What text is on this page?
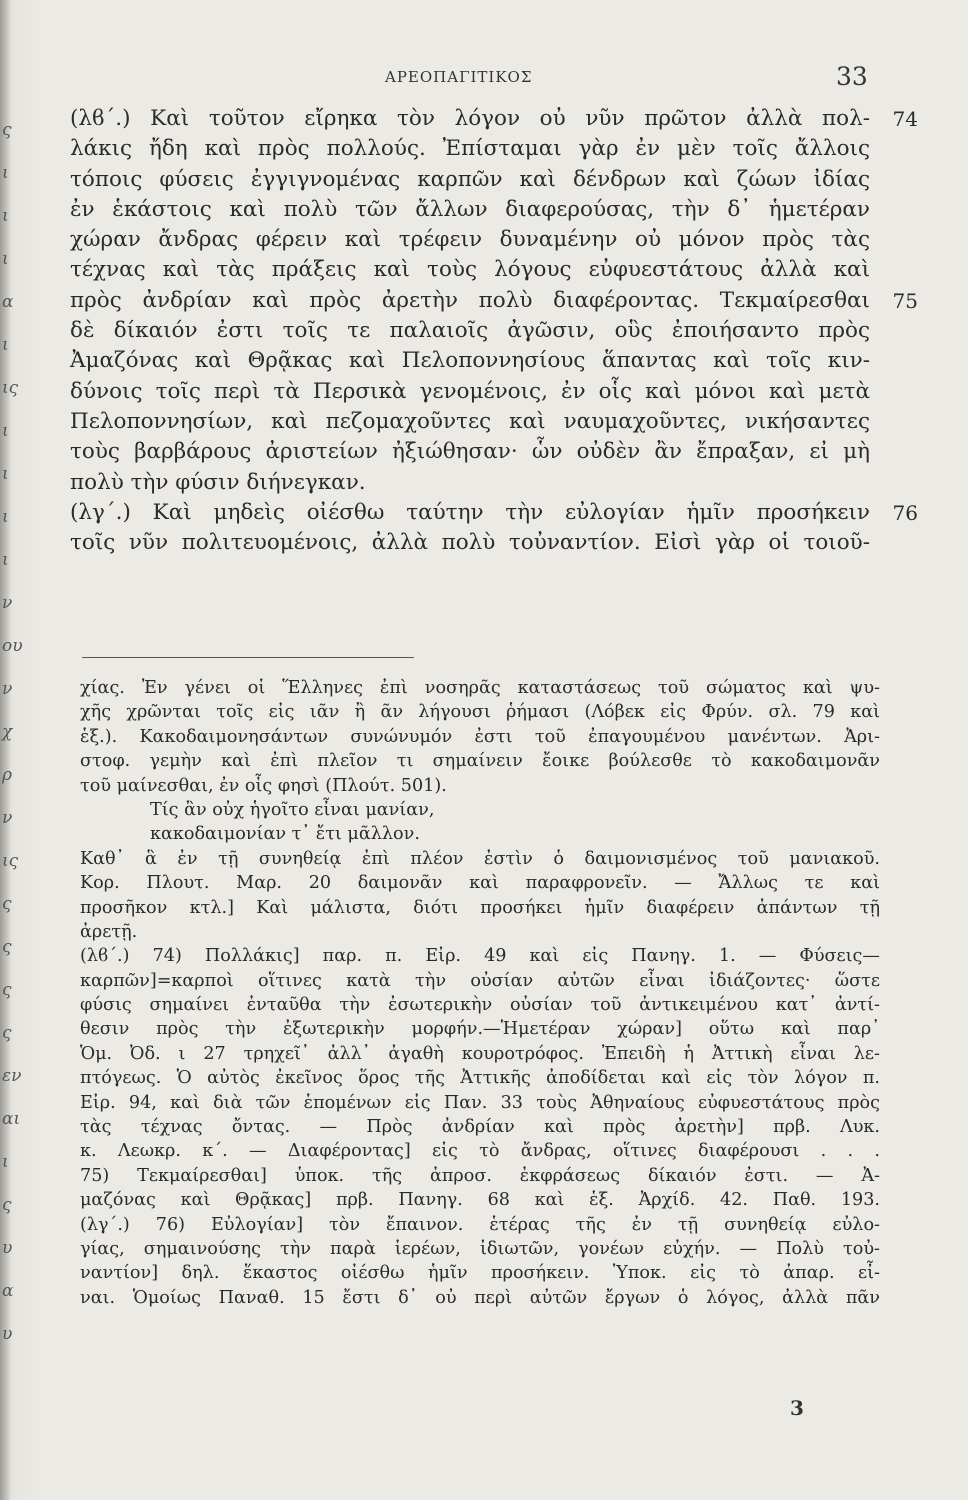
ς
ι
ι
ι
α
ι
ις
ι
ι
ι
ι
ν
ου
ν
χ
ρ
ν
ις
ς
ς
ς
ς
εν
αι
ι
ς
υ
α
υ
ΑΡΕΟΠΑΓΙΤΙΚΟΣ	33
(λϐ΄.) Καὶ τοῦτον εἴρηκα τὸν λόγον οὐ νῦν πρῶτον ἀλλὰ πολ- 74
λάκις ἤδη καὶ πρὸς πολλούς. Ἐπίσταμαι γὰρ ἐν μὲν τοῖς ἄλλοις
τόποις φύσεις ἐγγιγνομένας καρπῶν καὶ δένδρων καὶ ζώων ἰδίας
ἐν ἑκάστοις καὶ πολὺ τῶν ἄλλων διαφερούσας, τὴν δ᾽ ἡμετέραν
χώραν ἄνδρας φέρειν καὶ τρέφειν δυναμένην οὐ μόνον πρὸς τὰς
τέχνας καὶ τὰς πράξεις καὶ τοὺς λόγους εὐφυεστάτους ἀλλὰ καὶ
πρὸς ἀνδρίαν καὶ πρὸς ἀρετὴν πολὺ διαφέροντας. Τεκμαίρεσθαι 75
δὲ δίκαιόν ἐστι τοῖς τε παλαιοῖς ἀγῶσιν, οὓς ἐποιήσαντο πρὸς
Ἀμαζόνας καὶ Θρᾷκας καὶ Πελοποννησίους ἅπαντας καὶ τοῖς κιν-
δύνοις τοῖς περὶ τὰ Περσικὰ γενομένοις, ἐν οἷς καὶ μόνοι καὶ μετὰ
Πελοποννησίων, καὶ πεζομαχοῦντες καὶ ναυμαχοῦντες, νικήσαντες
τοὺς βαρβάρους ἀριστείων ἠξιώθησαν· ὧν οὐδὲν ἂν ἔπραξαν, εἰ μὴ
πολὺ τὴν φύσιν διήνεγκαν.
(λγ΄.) Καὶ μηδεὶς οἰέσθω ταύτην τὴν εὐλογίαν ἡμῖν προσήκειν 76
τοῖς νῦν πολιτευομένοις, ἀλλὰ πολὺ τοὐναντίον. Εἰσὶ γὰρ οἱ τοιοῦ-
χίας. Ἐν γένει οἱ Ἕλληνες ἐπὶ νοσηρᾶς καταστάσεως τοῦ σώματος καὶ ψυ-
χῆς χρῶνται τοῖς εἰς ιᾶν ἢ ᾶν λήγουσι ῥήμασι (Λόβεκ εἰς Φρύν. σλ. 79 καὶ
ἑξ.). Κακοδαιμονησάντων συνώνυμόν ἐστι τοῦ ἐπαγουμένου μανέντων. Ἀρι-
στοφ. γεμὴν καὶ ἐπὶ πλεῖον τι σημαίνειν ἔοικε βούλεσθε τὸ κακοδαιμονᾶν
τοῦ μαίνεσθαι, ἐν οἷς φησὶ (Πλούτ. 501).
Τίς ἂν οὐχ ἡγοῖτο εἶναι μανίαν,
κακοδαιμονίαν τ᾽ ἔτι μᾶλλον.
Καθ᾽ ἃ ἐν τῇ συνηθείᾳ ἐπὶ πλέον ἐστὶν ὁ δαιμονισμένος τοῦ μανιακοῦ.
Κορ. Πλουτ. Μαρ. 20 δαιμονᾶν καὶ παραφρονεῖν. — Ἄλλως τε καὶ
προσῆκον κτλ.] Καὶ μάλιστα, διότι προσήκει ἡμῖν διαφέρειν ἁπάντων τῇ
ἀρετῇ.
(λϐ΄.) 74) Πολλάκις] παρ. π. Εἰρ. 49 καὶ εἰς Πανηγ. 1. — Φύσεις—
καρπῶν]=καρποὶ οἵτινες κατὰ τὴν οὐσίαν αὐτῶν εἶναι ἰδιάζοντες· ὥστε
φύσις σημαίνει ἐνταῦθα τὴν ἐσωτερικὴν οὐσίαν τοῦ ἀντικειμένου κατ᾽ ἀντί-
θεσιν πρὸς τὴν ἐξωτερικὴν μορφήν.—Ἡμετέραν χώραν] οὕτω καὶ παρ᾽
Ὁμ. Ὀδ. ι 27 τρηχεῖ᾽ ἀλλ᾽ ἀγαθὴ κουροτρόφος. Ἐπειδὴ ἡ Ἀττικὴ εἶναι λε-
πτόγεως. Ὁ αὐτὸς ἐκεῖνος ὅρος τῆς Ἀττικῆς ἀποδίδεται καὶ εἰς τὸν λόγον π.
Εἰρ. 94, καὶ διὰ τῶν ἑπομένων εἰς Παν. 33 τοὺς Ἀθηναίους εὐφυεστάτους πρὸς
τὰς τέχνας ὄντας. — Πρὸς ἀνδρίαν καὶ πρὸς ἀρετὴν] πρβ. Λυκ.
κ. Λεωκρ. κ΄. — Διαφέροντας] εἰς τὸ ἄνδρας, οἵτινες διαφέρουσι . . .
75) Τεκμαίρεσθαι] ὑποκ. τῆς ἀπροσ. ἐκφράσεως δίκαιόν ἐστι. — Ἀ-
μαζόνας καὶ Θρᾷκας] πρβ. Πανηγ. 68 καὶ ἑξ. Ἀρχίδ. 42. Παθ. 193.
(λγ΄.) 76) Εὐλογίαν] τὸν ἔπαινον. ἑτέρας τῆς ἐν τῇ συνηθείᾳ εὐλο-
γίας, σημαινούσης τὴν παρὰ ἱερέων, ἰδιωτῶν, γονέων εὐχήν. — Πολὺ τοὐ-
ναντίον] δηλ. ἕκαστος οἰέσθω ἡμῖν προσήκειν. Ὑποκ. εἰς τὸ ἀπαρ. εἶ-
ναι. Ὁμοίως Παναθ. 15 ἔστι δ᾽ οὐ περὶ αὐτῶν ἔργων ὁ λόγος, ἀλλὰ πᾶν
3
